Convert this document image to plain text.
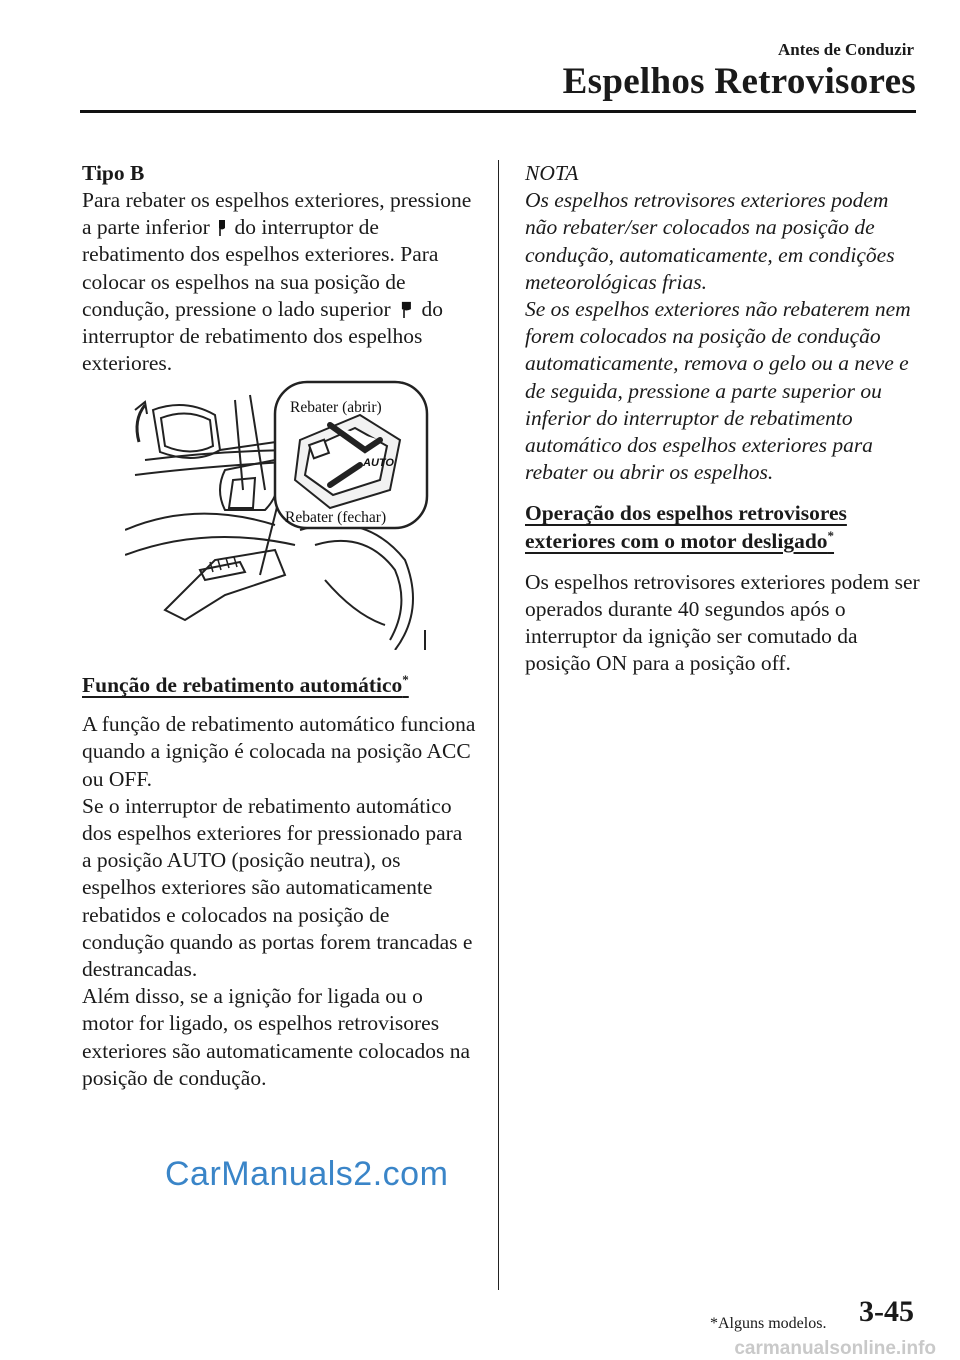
Antes de Conduzir
Espelhos Retrovisores

Tipo B

Para rebater os espelhos exteriores, pressione a parte inferior do interruptor de rebatimento dos espelhos exteriores. Para colocar os espelhos na sua posição de condução, pressione o lado superior do interruptor de rebatimento dos espelhos exteriores.

AUTO
Rebater (abrir)
Rebater (fechar)
Função de rebatimento automático*

A função de rebatimento automático funciona quando a ignição é colocada na posição ACC ou OFF.

Se o interruptor de rebatimento automático dos espelhos exteriores for pressionado para a posição AUTO (posição neutra), os espelhos exteriores são automaticamente rebatidos e colocados na posição de condução quando as portas forem trancadas e destrancadas.

Além disso, se a ignição for ligada ou o motor for ligado, os espelhos retrovisores exteriores são automaticamente colocados na posição de condução.

NOTA

Os espelhos retrovisores exteriores podem não rebater/ser colocados na posição de condução, automaticamente, em condições meteorológicas frias.

Se os espelhos exteriores não rebaterem nem forem colocados na posição de condução automaticamente, remova o gelo ou a neve e de seguida, pressione a parte superior ou inferior do interruptor de rebatimento automático dos espelhos exteriores para rebater ou abrir os espelhos.

Operação dos espelhos retrovisores exteriores com o motor desligado*

Os espelhos retrovisores exteriores podem ser operados durante 40 segundos após o interruptor da ignição ser comutado da posição ON para a posição off.

CarManuals2.com
*Alguns modelos. 3-45
carmanualsonline.info
